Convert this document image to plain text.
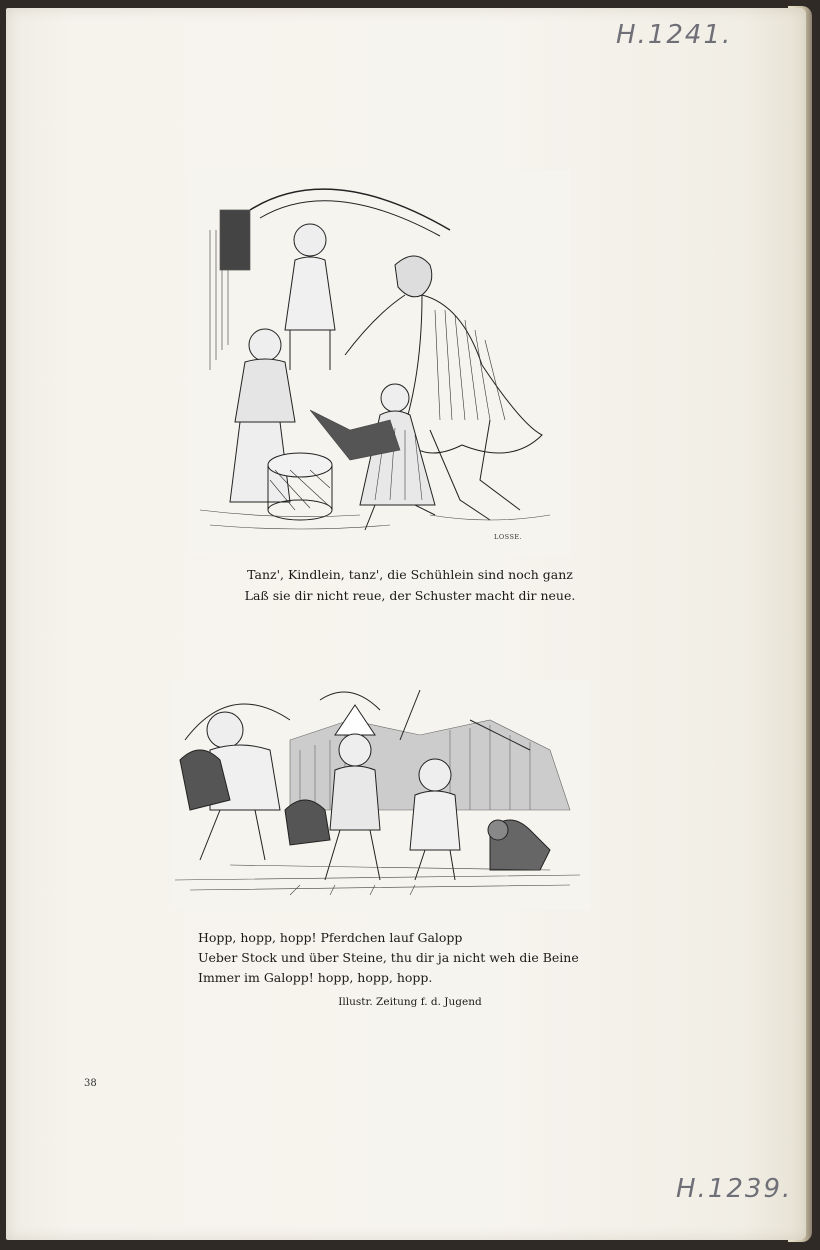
H.1241.
LOSSE.
Tanz', Kindlein, tanz', die Schühlein sind noch ganz
Laß sie dir nicht reue, der Schuster macht dir neue.
Hopp, hopp, hopp! Pferdchen lauf Galopp
Ueber Stock und über Steine, thu dir ja nicht weh die Beine
Immer im Galopp! hopp, hopp, hopp.
Illustr. Zeitung f. d. Jugend
38
H.1239.
